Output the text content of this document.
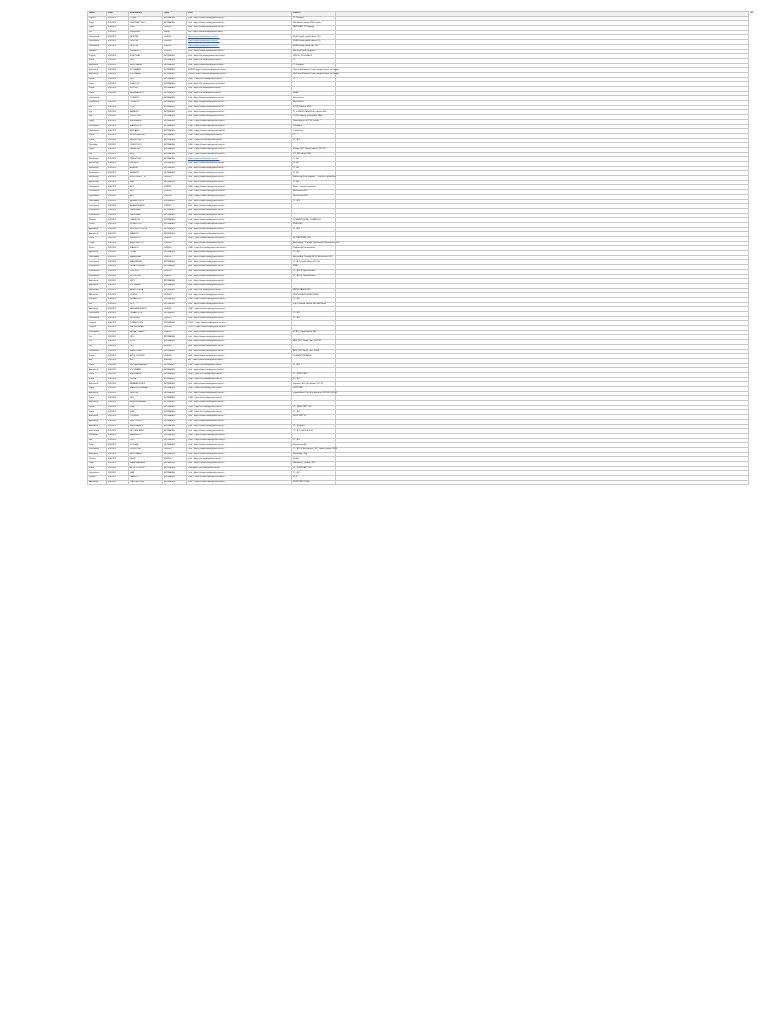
AD
Name	Date	StockName	Type	Link	Pattern	
Piyush	9/4/2021	TITAN	INTRADAY	Link : https://www.tradingview.com/x/...	TL Support	
Jago	9/4/2021	CENTURYTEX	INTRADAY	Link : https://www.tradingview.com/x/...	Weakness below 450 Levels	
Jago	9/4/2021	PNB	SWING	Link : https://www.tradingview.com/x/...	PATTERN TL Support	
Jai	9/4/2021	xxxxxxxxx	swing	link : https://www.tradingview.com/x/...		
Venkatesh	9/4/2021	NLMTRI	SWING	https://www.tradingview.com/x/...	FLAG (wide good above 10)	
Venkatesh	9/4/2021	NLMTRI	SWING	https://www.tradingview.com/x/...	FLAG (wide good above 10)	
Venkatesh	9/4/2021	NLMTRI	SWING	https://www.tradingview.com/x/...	FLAG (wide good abv 10)	
Sidhant		DRREDDY	SWING	Link : https://www.tradingview.com/x/...	Bounced from Support	
Piyush	9/4/2021	JUSTDIAL	INTRADAY	Link : https://in.tradingview.com/chart/...	PRICE_PULLBACK	
Kiran	9/4/2021	HUL	INTRADAY	Link : https://in.tradingview.com/x/...	TL	
Ashutosh	9/4/2021	HDFCBANK	INTRADAY	Link : https://www.tradingview.com/x/...	TL Support	
Ashutosh	9/4/2021	ICICIBANK	INTRADAY	SWING https://www.tradingview.com/x/...	Shift trend bounce from support zone on Friday	
Ashutosh	9/4/2021	ICICIBANK	INTRADAY	SWING https://www.tradingview.com/x/...	Shift trend bounce from support zone on Friday	
Kiran	9/4/2021	HUL	INTRADAY	LINK : https://in.tradingview.com/x/...	TL	
Jago	9/4/2021	GESCOS	INTRADAY	Link : https://in.tradingview.com/chart/...		
Kiran	9/4/2021	WOLVE	INTRADAY	Link : https://in.tradingview.com/x/...		
Kiran	9/4/2021	BERGAEMTR	INTRADAY	Link : https://in.tradingview.com/x/...	FLAG	
Venkatesh		TORNTE	INTRADAY	Link : https://www.tradingview.com/x/...	Resistance	
Venkatesh	9/4/2021	TORNTE	INTRADAY	Link : https://www.tradingview.com/x/...	Resistance	
Sai	9/4/2021	TCS	INTRADAY	Link : https://www.tradingview.com/x/...	ST BO above 3145	
Sai	9/4/2021	BANKNY	INTRADAY	Link : https://www.tradingview.com/x/...	TL & RESISTANCE BO above 34k	
Sai	9/4/2021	PIDILITIND	INTRADAY	Link : https://www.tradingview.com/x/...	ST BO above yesterdays High	
Jago	9/4/2021	ENGINEER	INTRADAY	LINK : https://www.tradingview.com/x/...	Good above 107.50 Levels	
Venkatesh	9/4/2021	MAHINDTE	INTRADAY	LINK : https://www.tradingview.com/x/...	Trendline	
Venkatesh	9/4/2021	RELIANC	INTRADAY	LINK : https://www.tradingview.com/x/...	Trend line	
Kiran	9/4/2021	SUVENSFORLY	INTRADAY	LINK : https://in.tradingview.com/x/...	TL	
Kiran	9/4/2021	PRESTIGE	INTRADAY	LINK : https://in.tradingview.com/x/...	TL_BO	
Shivadip	9/4/2021	JUBLFOOD	INTRADAY	LINK : https://www.tradingview.com/x/...		
Jago	9/4/2021	GRASCIN	INTRADAY	LINK : https://www.tradingview.com/x/...	Range_BO_Good_above_007.92	
Sai	9/4/2021	HUL	INTRADAY	LINK : https://www.tradingview.com/x/...	ST_BO above 960	
Basavaraj	9/4/2021	PRESTIGE	INTRADAY	https://www.tradingview.com/x/...	TL BO	
Basavaraj	9/4/2021	RELAXO	INTRADAY	Link : https://www.tradingview.com/x/...	TL BO	
Basavaraj	9/4/2021	ASIEND	INTRADAY	Link : https://www.tradingview.com/x/...	TL BO	
Basavaraj	9/4/2021	BANGRY	INTRADAY	Link : https://www.tradingview.com/x/...	TL BO	
Basavaraj	9/4/2021	MCDOWELL_N	SWING	Link : https://www.tradingview.com/x/...	Bouncing from support ... can be a good bet	
Basavaraj	9/4/2021	NAL	INTRADAY	Link : https://www.tradingview.com/x/...	TL BO	
Venkatesh	9/4/2021	ACC	SWING	LINK : https://www.tradingview.com/x/...	Near - strong resistance	
Venkatesh	9/4/2021	ACC	SWING	LINK : https://www.tradingview.com/x/...	Resistance BO	
Venkatesh	9/4/2021	ACC	SWING	LINK : https://www.tradingview.com/x/...	Resistance BO	
Venkatesh	9/4/2021	ADANIPORTS	INTRADAY	Link : https://www.tradingview.com/x/...	TL_BO	
Venkatesh	9/4/2021	ADANIGREEN	SWING	Link : https://www.tradingview.com/x/...		
Venkatesh	9/4/2021	CADILAHC	INTRADAY	Link : https://www.tradingview.com/x/...		
Venkatesh	9/4/2021	CADILAHC	INTRADAY	Link : https://www.tradingview.com/x/...		
Pravan	9/4/2021	GRASCIN	INTRADAY	Link : https://www.tradingview.com/x/...	SYMMETRICAL_TRIANGLE	
Tarun	9/4/2021	SOBEX LTD	INTRADAY	LINK : https://www.tradingview.com/x/...	FLAG BO	
Ashutosh	9/4/2021	MUTHOOTCHCE	INTRADAY	Link : https://www.tradingview.com/x/...	TL_BO	
Ashutosh	9/4/2021	NAMUTI	INTRADAY	Link : https://www.tradingview.com/x/...		
Kiran	9/4/2021	BRIREDDY	SWING	LINK : https://www.tradingview.com/x/...	W_PATTERN_BO	
Vinay	9/4/2021	AUROBILLTD	SWING	Link : https://www.tradingview.com/x/...	Ascending_Triangle_Horizontal_Resistance_BO	
Kevin	9/4/2021	MARICO	SWING	LINK : https://in.tradingview.com/chart/...	Pullback&Continuation	
Ashutosh	9/4/2021	TITAN	INTRADAY	Link : https://www.tradingview.com/x/...	TL_BO	
Venkatesh	9/4/2021	BAHRIKAN	SWING	Link : https://www.tradingview.com/x/...	Ascending Triangle BO & Resistance BO	
Venkatesh	9/4/2021	MAHNNDIA	INTRADAY	Link : https://www.tradingview.com/x/...	TL_BO Good above 472.50	
Venkatesh	9/4/2021	TATACONSUM	INTRADAY	Link : https://www.tradingview.com/x/...	FIBO	
Venkatesh	9/4/2021	PIDILITE	SWING	Link : https://www.tradingview.com/x/...	TL_BO & Triple Bottom	
Venkatesh	9/4/2021	PIDILITIND	SWING	Link : https://www.tradingview.com/x/...	TL_BO & Triple Bottom	
Ashutosh	9/4/2021	INFY	INTRADAY	Link : https://www.tradingview.com/x/...		
Ashutosh	9/4/2021	ICICIBANK	INTRADAY	Link : https://www.tradingview.com/x/...		
Basavaraj	9/4/2021	ABBOTINDIA	INTRADAY	Link : https://in.tradingview.com/x/...	RESISTANCE BO	
Abhishek	9/4/2021	VIPIND	SWING	Link : https://www.tradingview.com/x/...	RISINGWEDGEPATTERN	
Shubha	9/4/2021	TATAELXSI	INTRADAY	LINK : https://www.tradingview.com/x/...	TL_BO	
Jai	9/4/2021	UPL	INTRADAY	Link : https://www.tradingview.com/x/...	cup n handle above 680 will break	
Abhishek	9/4/2021	BRIGADEIDEDIT	SWING	LINK : https://www.tradingview.com/x/...		
Venkatesh	9/4/2021	TATAELXPS	INTRADAY	Link : https://www.tradingview.com/x/...	TL_BO	
Venkatesh	9/4/2021	HIGLIGHT	SWING	Link : https://www.tradingview.com/x/...	TL_BO	
Yogesh	9/4/2021	TORRICOSS	INTRADAY	TLBO : https://www.tradingview.com/x/...		
Yogesh	9/4/2021	LALPATHLAB	SWING	TLBO : https://www.tradingview.com/x/...		
Venkatesh	9/4/2021	ADHATTBANK	SWING	Link : https://www.tradingview.com/x/...	R_BO_Good above 960	
Jai	9/4/2021	UPL	INTRADAY	Link : https://www.tradingview.com/x/...		
Jai	9/4/2021	DTXL	INTRADAY	Link : https://www.tradingview.com/x/...	ATH_BO_Good_abv_447.00	
Jai	9/4/2021	UPL	SWING	Link : https://www.tradingview.com/x/...		
Venkatesh	9/4/2021	HAVETREE	INTRADAY	Link : https://www.tradingview.com/x/...	ATH_BO Good _abv_2008	
Karan	9/4/2021	APOLLOHOSP	SWING	Link : https://www.tradingview.com/x/...	SYMMETRIKABLE	
Arif	9/4/2021	ioki	intraday	link : https://www.tradingview.com/x/...		
Kiran	9/4/2021	JBCHEPHARMA	INTRADAY	LINK : https://in.tradingview.com/x/...	TL_BO	
Ashutosh	9/4/2021	ICICIBANK	INTRADAY	Link : https://www.tradingview.com/x/...		
Kiran	9/4/2021	ASIOBANK	INTRADAY	LINK : https://in.tradingview.com/x/...	TL_SUPPORT	
Kiran	9/4/2021	CIPLA	INTRADAY	LINK : https://in.tradingview.com/x/...	TL_BO	
Ashutosh	9/4/2021	BHARATFORG	INTRADAY	Link : https://www.tradingview.com/x/...	Support_BO (all) below 972.70	
Kiran	9/4/2021	HANKUPPEREAR	INTRADAY	LINK : https://in.tradingview.com/x/...	SUPPORT	
Ashutosh	9/4/2021	NLMTRI	INTRADAY	Link : https://www.tradingview.com/x/...	supportarea Can buy between 249.46-196.50	
Kiran	9/4/2021	HUL	INTRADAY	LINK : https://in.tradingview.com/x/...		
Ashutosh	9/4/2021	AUROPHARMA	INTRADAY	Link : https://www.tradingview.com/x/...		
Kiran	9/4/2021	PNB	INTRADAY	LINK : https://in.tradingview.com/x/...	TL_SUPPORT_BO	
Kiran	9/4/2021	IDBL	INTRADAY	LINK : https://in.tradingview.com/x/...	TL_BO	
Ashutosh	9/4/2021	OLLEGE	INTRADAY	Link : https://www.tradingview.com/x/...	SUPPORT 47	
Ashutosh	9/4/2021	SBILLCORP	INTRADAY	Link : https://www.tradingview.com/x/...		
Ashutosh	9/4/2021	BAJFINANCE	INTRADAY	Link : https://www.tradingview.com/x/...	TL_Support	
Venkatesh	9/4/2021	HDCBELARSL	INTRADAY	Link : https://www.tradingview.com/x/...	TL_BO_aBOVE 234	
Sandeep	9/4/2021	BAHRIKIPTI	INTRADAY	LINK : https://www.tradingview.com/x/...		
Sai	9/4/2021	PGC	INTRADAY	LINK : https://www.tradingview.com/x/...	TL_BO	
Dilip	9/4/2021	KOLANL	INTRADAY	Link : https://www.tradingview.com/x/...	ResistanceBO	
Venkatesh	9/4/2021	PIDILITIND	SWING	Link : https://www.tradingview.com/x/...	TL_BO & Resistance_BO_Good_above 1924	
Ashutosh	9/4/2021	HDFCBANK	INTRADAY	Link : https://www.tradingview.com/x/...	Rounding_Top	
Viswas	9/4/2021	DHFC	SWING	Link : https://in.tradingview.com/x/...	FLAG	
Jago	9/4/2021	BANDHANBNK	INTRADAY	Link : https://www.tradingview.com/x/...	Weakness_below_332	
Kiran	9/4/2021	APOLLOHOSP	INTRADAY	LINKhttps://in.tradingview.com/x/...	TL_SUPPORT_BO	
Venkatesh	9/4/2021	SAIL	INTRADAY	Link : https://www.tradingview.com/x/...	TL_BO	
Jasmit	9/4/2021	NAMUTI	INTRADAY	LINK : https://www.tradingview.com/x/...	H_S	
Abhishek	9/4/2021	CASTROLIND	INTRADAY	LINK : https://www.tradingview.com/x/...	SUPPORTZONE	
